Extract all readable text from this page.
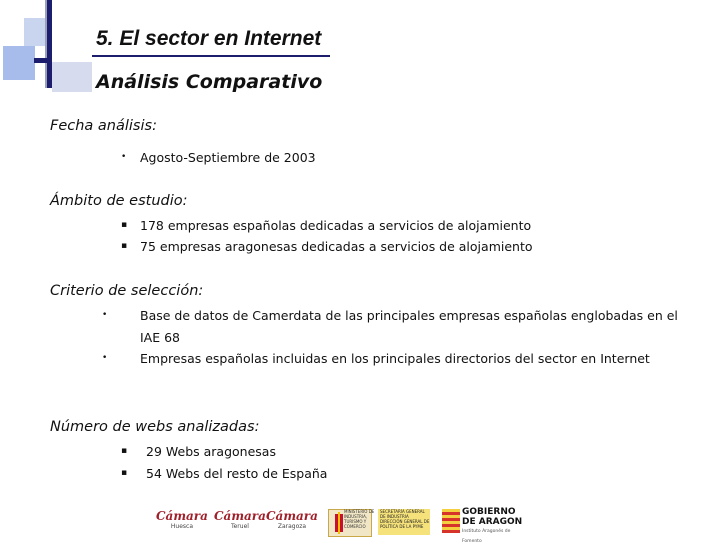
5. El sector en Internet
Análisis Comparativo

Fecha análisis:

• Agosto-Septiembre de 2003

Ámbito de estudio:

▪ 178 empresas españolas dedicadas a servicios de alojamiento

▪ 75 empresas aragonesas dedicadas a servicios de alojamiento

Criterio de selección:

•	Base de datos de Camerdata de las principales empresas españolas englobadas en el IAE 68

•	Empresas españolas incluidas en los principales directorios del sector en Internet

Número de webs analizadas:

▪ 29 Webs aragonesas

▪ 54 Webs del resto de España

Cámara
Huesca
Cámara
Teruel
Cámara
Zaragoza
MINISTERIO DE INDUSTRIA, TURISMO Y COMERCIO
SECRETARÍA GENERAL DE INDUSTRIA DIRECCIÓN GENERAL DE POLÍTICA DE LA PYME
GOBIERNO
DE ARAGON
Instituto Aragonés de Fomento
